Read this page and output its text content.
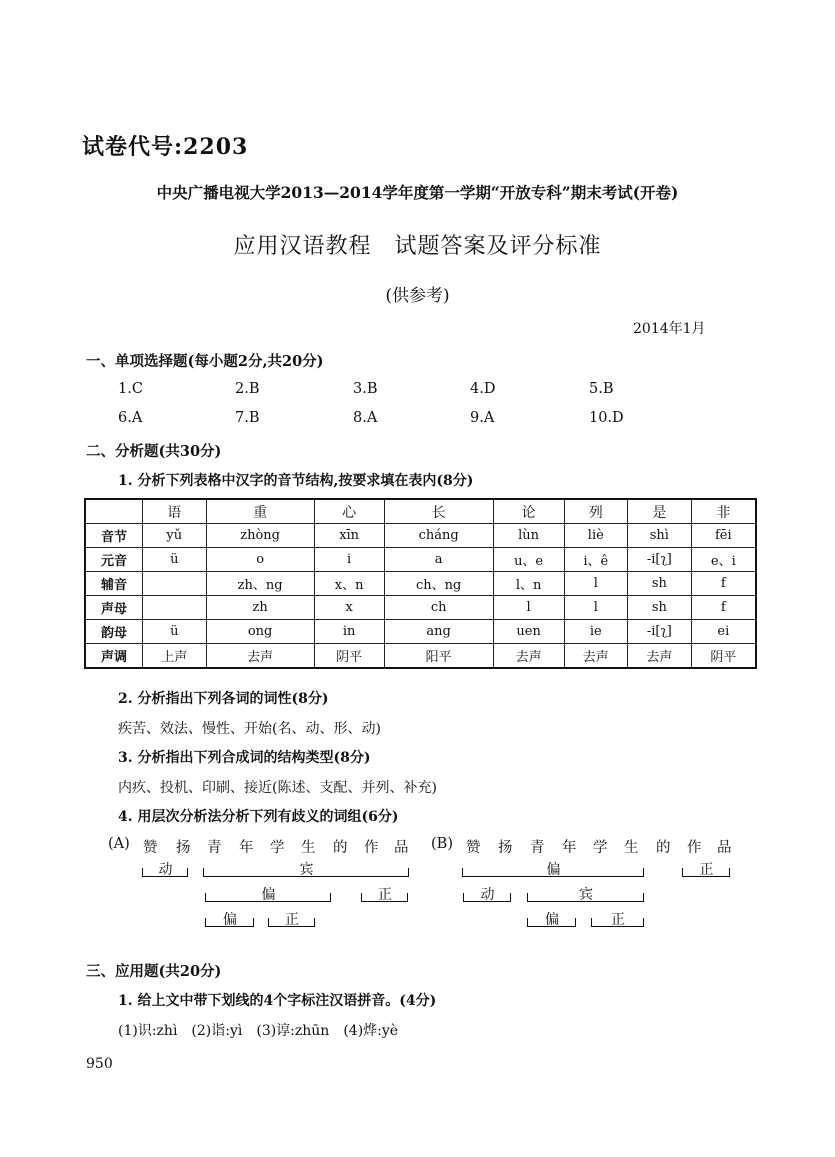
试卷代号:2203
中央广播电视大学2013—2014学年度第一学期“开放专科”期末考试(开卷)
应用汉语教程　试题答案及评分标准
(供参考)
2014年1月
一、单项选择题(每小题2分,共20分)
1.C	2.B	3.B	4.D	5.B
6.A	7.B	8.A	9.A	10.D
二、分析题(共30分)
1. 分析下列表格中汉字的音节结构,按要求填在表内(8分)
	语	重	心	长	论	列	是	非
音节	yǔ	zhòng	xīn	cháng	lùn	liè	shì	fēi
元音	ü	o	i	a	u、e	i、ê	-i[ʅ]	e、i
辅音		zh、ng	x、n	ch、ng	l、n	l	sh	f
声母		zh	x	ch	l	l	sh	f
韵母	ü	ong	in	ang	uen	ie	-i[ʅ]	ei
声调	上声	去声	阴平	阳平	去声	去声	去声	阴平
2. 分析指出下列各词的词性(8分)
疾苦、效法、慢性、开始(名、动、形、动)
3. 分析指出下列合成词的结构类型(8分)
内疚、投机、印刷、接近(陈述、支配、并列、补充)
4. 用层次分析法分析下列有歧义的词组(6分)
(A) 赞 扬 青 年 学 生 的 作 品
动	宾
偏	正
偏	正
(B) 赞 扬 青 年 学 生 的 作 品
偏	正
动	宾
偏	正
三、应用题(共20分)
1. 给上文中带下划线的4个字标注汉语拼音。(4分)
(1)识:zhì　(2)诣:yì　(3)谆:zhūn　(4)烨:yè
950
